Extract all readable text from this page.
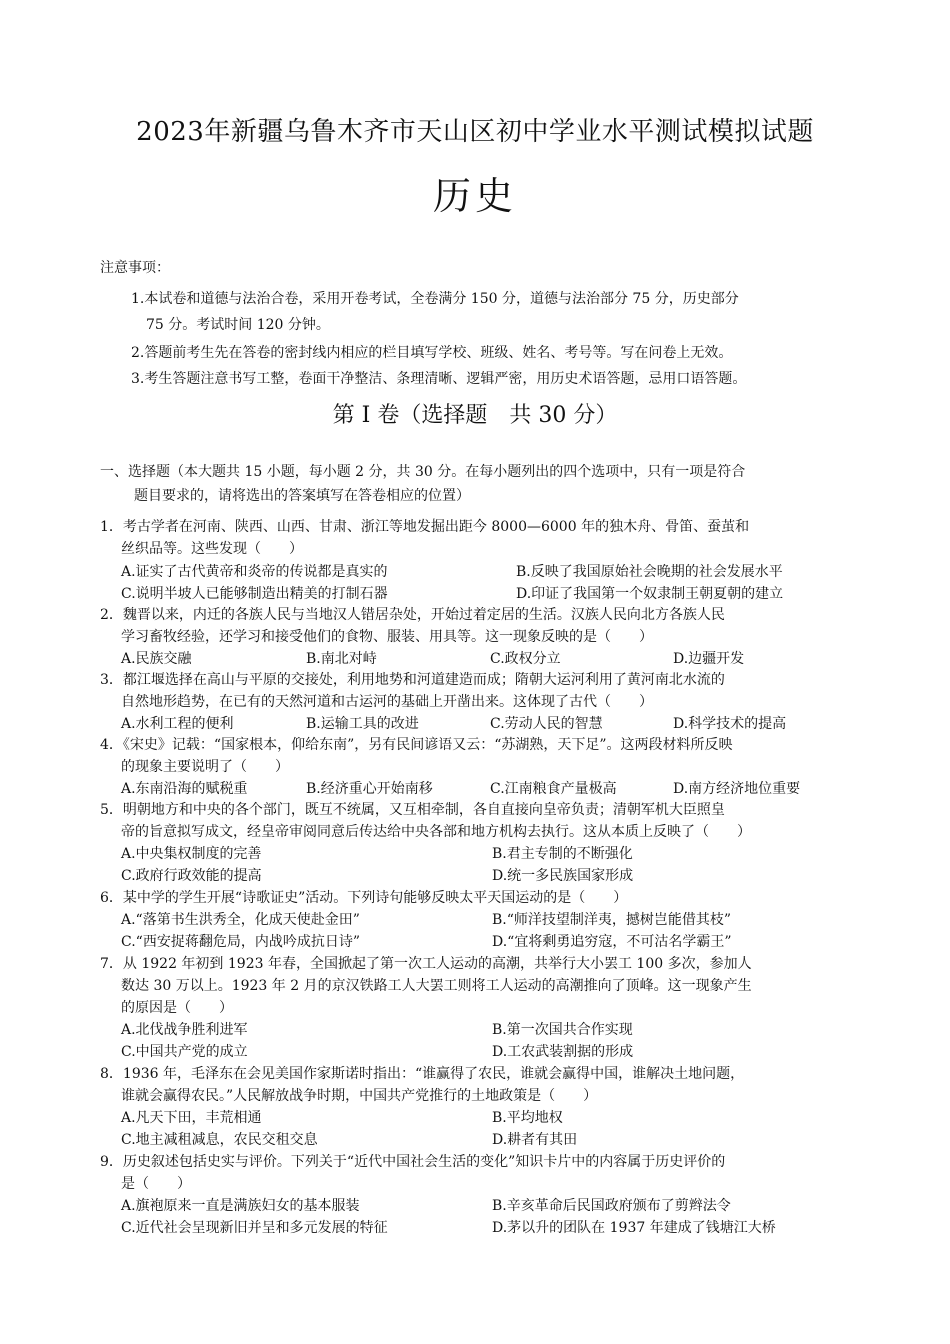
2023年新疆乌鲁木齐市天山区初中学业水平测试模拟试题
历史
注意事项：
1.本试卷和道德与法治合卷，采用开卷考试，全卷满分 150 分，道德与法治部分 75 分，历史部分
75 分。考试时间 120 分钟。
2.答题前考生先在答卷的密封线内相应的栏目填写学校、班级、姓名、考号等。写在问卷上无效。
3.考生答题注意书写工整，卷面干净整洁、条理清晰、逻辑严密，用历史术语答题，忌用口语答题。
第 I 卷（选择题　共 30 分）
一、选择题（本大题共 15 小题，每小题 2 分，共 30 分。在每小题列出的四个选项中，只有一项是符合
题目要求的，请将选出的答案填写在答卷相应的位置）
1．考古学者在河南、陕西、山西、甘肃、浙江等地发掘出距今 8000—6000 年的独木舟、骨笛、蚕茧和
丝织品等。这些发现（　　）
A.证实了古代黄帝和炎帝的传说都是真实的	B.反映了我国原始社会晚期的社会发展水平
C.说明半坡人已能够制造出精美的打制石器	D.印证了我国第一个奴隶制王朝夏朝的建立
2．魏晋以来，内迁的各族人民与当地汉人错居杂处，开始过着定居的生活。汉族人民向北方各族人民
学习畜牧经验，还学习和接受他们的食物、服装、用具等。这一现象反映的是（　　）
A.民族交融	B.南北对峙	C.政权分立	D.边疆开发
3．都江堰选择在高山与平原的交接处，利用地势和河道建造而成；隋朝大运河利用了黄河南北水流的
自然地形趋势，在已有的天然河道和古运河的基础上开凿出来。这体现了古代（　　）
A.水利工程的便利	B.运输工具的改进	C.劳动人民的智慧	D.科学技术的提高
4．《宋史》记载：“国家根本，仰给东南”，另有民间谚语又云：“苏湖熟，天下足”。这两段材料所反映
的现象主要说明了（　　）
A.东南沿海的赋税重	B.经济重心开始南移	C.江南粮食产量极高	D.南方经济地位重要
5．明朝地方和中央的各个部门，既互不统属，又互相牵制，各自直接向皇帝负责；清朝军机大臣照皇
帝的旨意拟写成文，经皇帝审阅同意后传达给中央各部和地方机构去执行。这从本质上反映了（　　）
A.中央集权制度的完善	B.君主专制的不断强化
C.政府行政效能的提高	D.统一多民族国家形成
6．某中学的学生开展“诗歌证史”活动。下列诗句能够反映太平天国运动的是（　　）
A.“落第书生洪秀全，化成天使赴金田”	B.“师洋技望制洋夷，撼树岂能借其枝”
C.“西安捉蒋翻危局，内战吟成抗日诗”	D.“宜将剩勇追穷寇，不可沽名学霸王”
7．从 1922 年初到 1923 年春，全国掀起了第一次工人运动的高潮，共举行大小罢工 100 多次，参加人
数达 30 万以上。1923 年 2 月的京汉铁路工人大罢工则将工人运动的高潮推向了顶峰。这一现象产生
的原因是（　　）
A.北伐战争胜利进军	B.第一次国共合作实现
C.中国共产党的成立	D.工农武装割据的形成
8．1936 年，毛泽东在会见美国作家斯诺时指出：“谁赢得了农民，谁就会赢得中国，谁解决土地问题，
谁就会赢得农民。”人民解放战争时期，中国共产党推行的土地政策是（　　）
A.凡天下田，丰荒相通	B.平均地权
C.地主减租减息，农民交租交息	D.耕者有其田
9．历史叙述包括史实与评价。下列关于“近代中国社会生活的变化”知识卡片中的内容属于历史评价的
是（　　）
A.旗袍原来一直是满族妇女的基本服装	B.辛亥革命后民国政府颁布了剪辫法令
C.近代社会呈现新旧并呈和多元发展的特征	D.茅以升的团队在 1937 年建成了钱塘江大桥
